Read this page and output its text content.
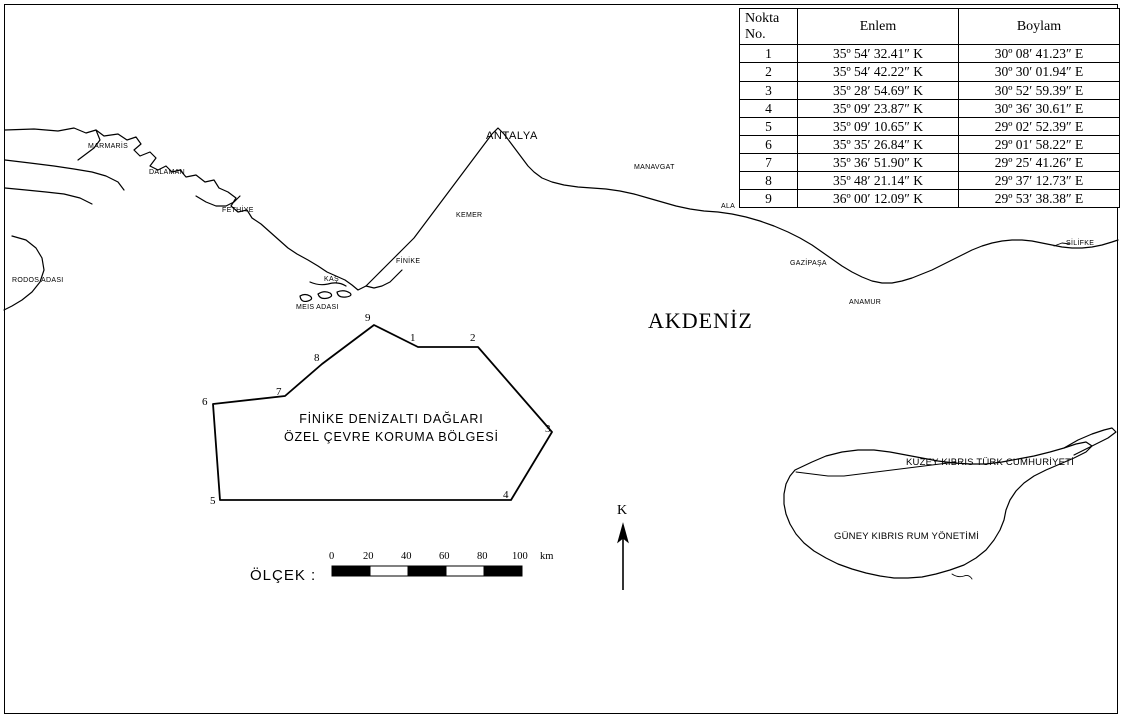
Nokta
No.	Enlem	Boylam
1	35º 54′ 32.41″ K	30º 08′ 41.23″ E
2	35º 54′ 42.22″ K	30º 30′ 01.94″ E
3	35º 28′ 54.69″ K	30º 52′ 59.39″ E
4	35º 09′ 23.87″ K	30º 36′ 30.61″ E
5	35º 09′ 10.65″ K	29º 02′ 52.39″ E
6	35º 35′ 26.84″ K	29º 01′ 58.22″ E
7	35º 36′ 51.90″ K	29º 25′ 41.26″ E
8	35º 48′ 21.14″ K	29º 37′ 12.73″ E
9	36º 00′ 12.09″ K	29º 53′ 38.38″ E
MARMARİS
DALAMAN
FETHİYE
RODOS ADASI	KAŞ
MEIS ADASI
FİNİKE
KEMER
MANAVGAT
ALA
GAZİPAŞA
ANAMUR
SİLİFKE
ANTALYA
AKDENİZ
KUZEY KIBRIS TÜRK CUMHURİYETİ
GÜNEY KIBRIS RUM YÖNETİMİ
FİNİKE DENİZALTI DAĞLARI
ÖZEL ÇEVRE KORUMA BÖLGESİ
9
1	2
8
7
6
3
5	4
K
ÖLÇEK :
0	20	40	60	80 100 km
